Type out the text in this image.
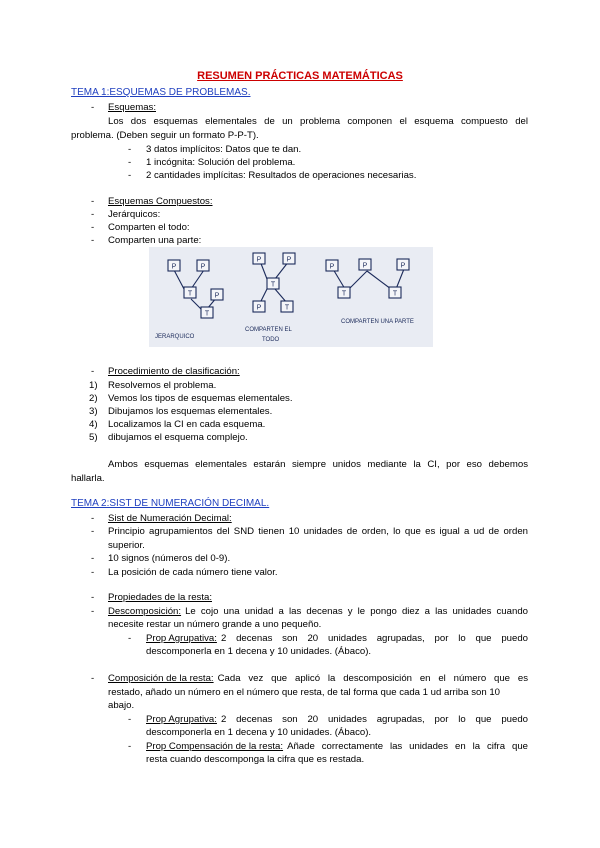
RESUMEN PRÁCTICAS MATEMÁTICAS
TEMA 1:ESQUEMAS DE PROBLEMAS.
- Esquemas:
Los dos esquemas elementales de un problema componen el esquema compuesto del
problema. (Deben seguir un formato P-P-T).
- 3 datos implícitos: Datos que te dan.
- 1 incógnita: Solución del problema.
- 2 cantidades implícitas: Resultados de operaciones necesarias.
- Esquemas Compuestos:
- Jerárquicos:
- Comparten el todo:
- Comparten una parte:
P	P
T	P
T
P	P
T
P	T
P	P	P
T	T
JERARQUICO
COMPARTEN EL
TODO
COMPARTEN UNA PARTE
- Procedimiento de clasificación:
1) Resolvemos el problema.
2) Vemos los tipos de esquemas elementales.
3) Dibujamos los esquemas elementales.
4) Localizamos la CI en cada esquema.
5) dibujamos el esquema complejo.
Ambos esquemas elementales estarán siempre unidos mediante la CI, por eso debemos
hallarla.
TEMA 2:SIST DE NUMERACIÓN DECIMAL.
- Sist de Numeración Decimal:
- Principio agrupamientos del SND tienen 10 unidades de orden, lo que es igual a ud de orden
superior.
- 10 signos (números del 0-9).
- La posición de cada número tiene valor.
- Propiedades de la resta:
- Descomposición: Le cojo una unidad a las decenas y le pongo diez a las unidades cuando
necesite restar un número grande a uno pequeño.
- Prop Agrupativa: 2 decenas son 20 unidades agrupadas, por lo que puedo
descomponerla en 1 decena y 10 unidades. (Ábaco).
- Composición de la resta: Cada vez que aplicó la descomposición en el número que es
restado, añado un número en el número que resta, de tal forma que cada 1 ud arriba son 10
abajo.
- Prop Agrupativa: 2 decenas son 20 unidades agrupadas, por lo que puedo
descomponerla en 1 decena y 10 unidades. (Ábaco).
- Prop Compensación de la resta: Añade correctamente las unidades en la cifra que
resta cuando descomponga la cifra que es restada.
